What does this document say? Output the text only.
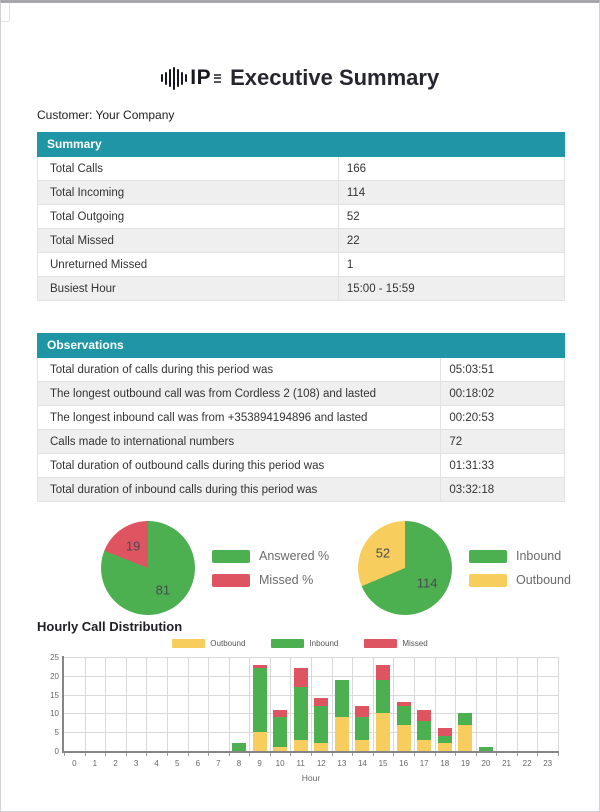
IP Executive Summary
Customer: Your Company
Summary
Total Calls	166
Total Incoming	114
Total Outgoing	52
Total Missed	22
Unreturned Missed	1
Busiest Hour	15:00 - 15:59
Observations
Total duration of calls during this period was	05:03:51
The longest outbound call was from Cordless 2 (108) and lasted	00:18:02
The longest inbound call was from +353894194896 and lasted	00:20:53
Calls made to international numbers	72
Total duration of outbound calls during this period was	01:31:33
Total duration of inbound calls during this period was	03:32:18
81
19
Answered %
Missed %	114
52	Inbound
Outbound
Hourly Call Distribution
Outbound	Inbound	Missed
0
5
10
15
20
25
0	1	2	3	4	5	6	7	8	9	10	11	12	13	14	15	16	17	18	19	20	21	22	23
Hour
